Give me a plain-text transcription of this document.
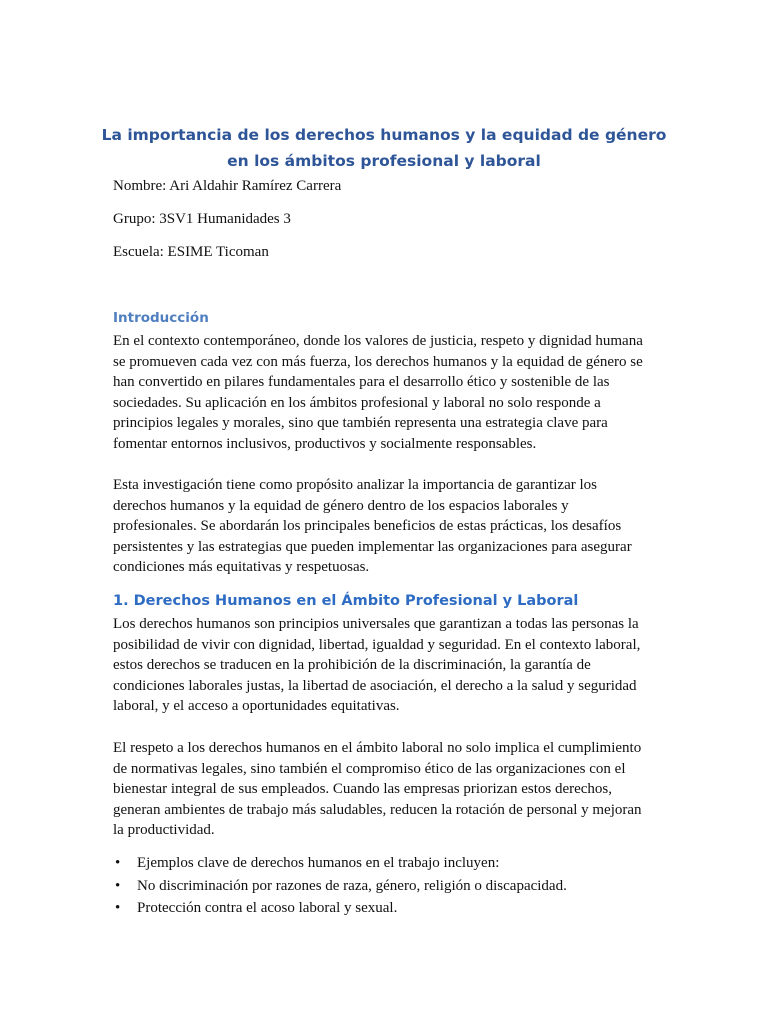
La importancia de los derechos humanos y la equidad de género en los ámbitos profesional y laboral

Nombre: Ari Aldahir Ramírez Carrera

Grupo: 3SV1 Humanidades 3

Escuela: ESIME Ticoman

Introducción

En el contexto contemporáneo, donde los valores de justicia, respeto y dignidad humana se promueven cada vez con más fuerza, los derechos humanos y la equidad de género se han convertido en pilares fundamentales para el desarrollo ético y sostenible de las sociedades. Su aplicación en los ámbitos profesional y laboral no solo responde a principios legales y morales, sino que también representa una estrategia clave para fomentar entornos inclusivos, productivos y socialmente responsables.

Esta investigación tiene como propósito analizar la importancia de garantizar los derechos humanos y la equidad de género dentro de los espacios laborales y profesionales. Se abordarán los principales beneficios de estas prácticas, los desafíos persistentes y las estrategias que pueden implementar las organizaciones para asegurar condiciones más equitativas y respetuosas.

1. Derechos Humanos en el Ámbito Profesional y Laboral

Los derechos humanos son principios universales que garantizan a todas las personas la posibilidad de vivir con dignidad, libertad, igualdad y seguridad. En el contexto laboral, estos derechos se traducen en la prohibición de la discriminación, la garantía de condiciones laborales justas, la libertad de asociación, el derecho a la salud y seguridad laboral, y el acceso a oportunidades equitativas.

El respeto a los derechos humanos en el ámbito laboral no solo implica el cumplimiento de normativas legales, sino también el compromiso ético de las organizaciones con el bienestar integral de sus empleados. Cuando las empresas priorizan estos derechos, generan ambientes de trabajo más saludables, reducen la rotación de personal y mejoran la productividad.

• Ejemplos clave de derechos humanos en el trabajo incluyen:
• No discriminación por razones de raza, género, religión o discapacidad.
• Protección contra el acoso laboral y sexual.
